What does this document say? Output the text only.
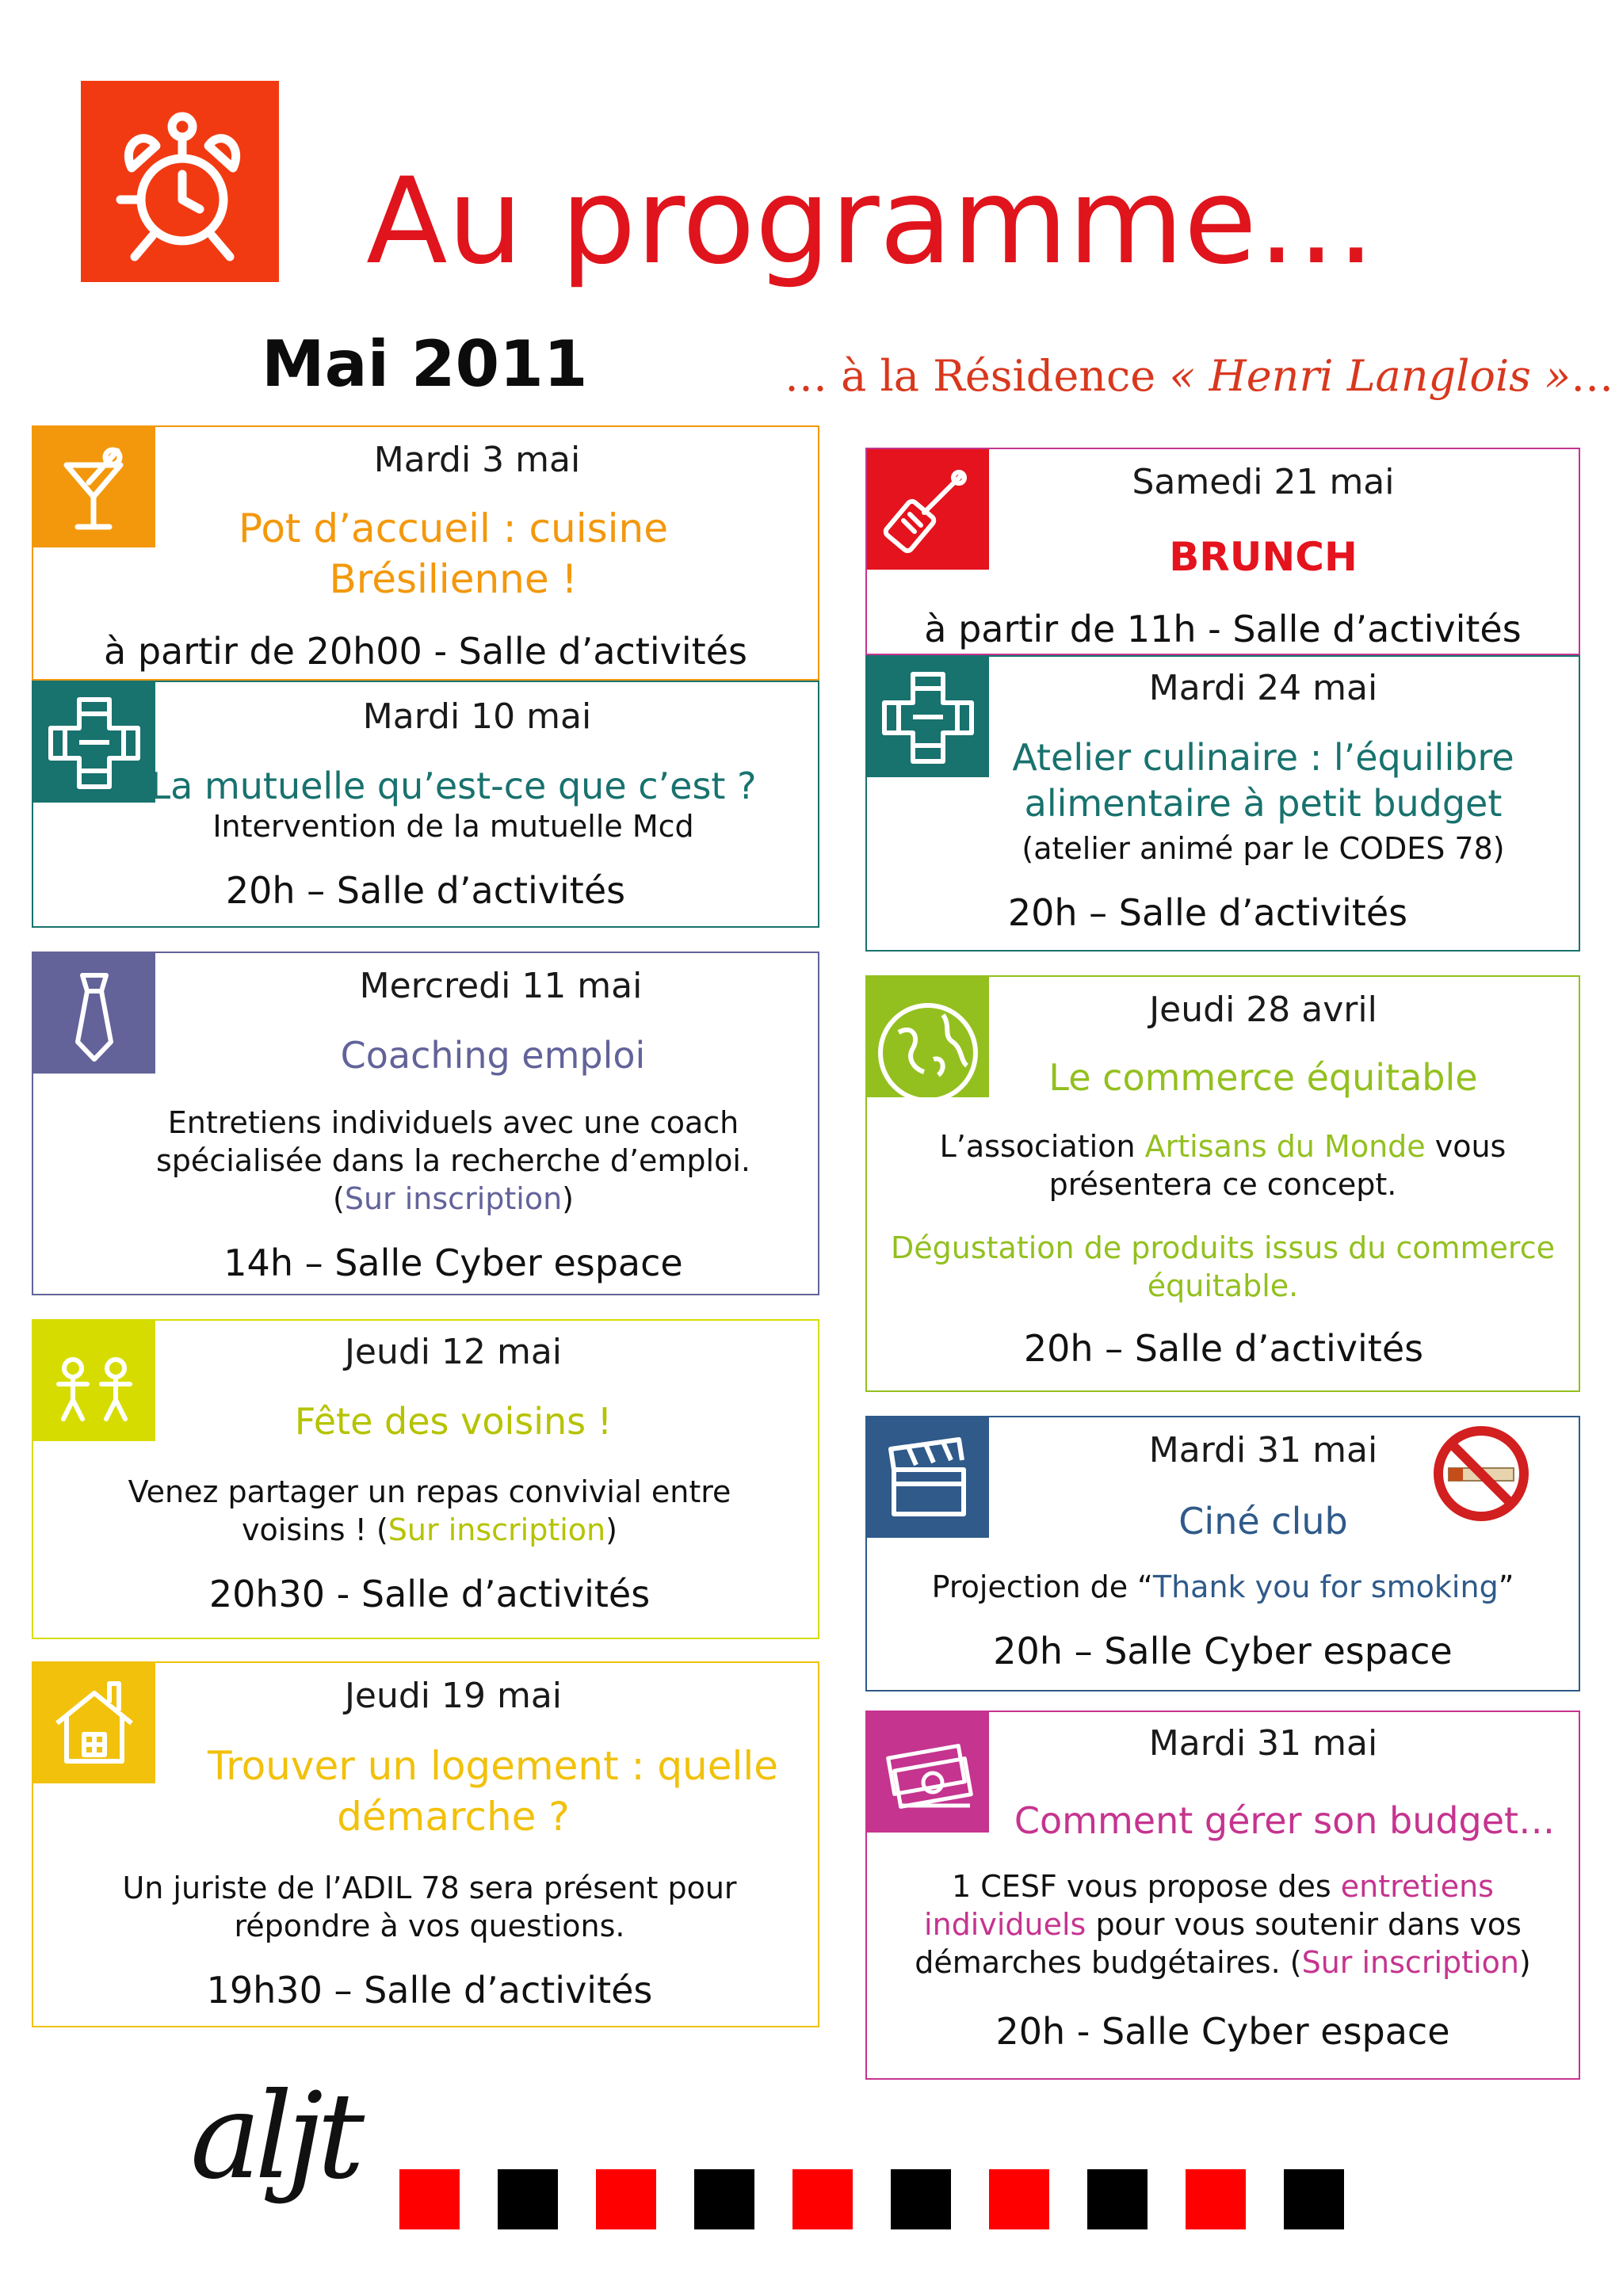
Au programme…
Mai 2011	… à la Résidence « Henri Langlois »…
Mardi 3 mai
Pot d’accueil : cuisine
Brésilienne !
à partir de 20h00 - Salle d’activités
Mardi 10 mai
La mutuelle qu’est-ce que c’est ?
Intervention de la mutuelle Mcd
20h – Salle d’activités
Mercredi 11 mai
Coaching emploi
Entretiens individuels avec une coach
spécialisée dans la recherche d’emploi.
(Sur inscription)
14h – Salle Cyber espace
Jeudi 12 mai
Fête des voisins !
Venez partager un repas convivial entre
voisins ! (Sur inscription)
20h30 - Salle d’activités
Jeudi 19 mai
Trouver un logement : quelle
démarche ?
Un juriste de l’ADIL 78 sera présent pour
répondre à vos questions.
19h30 – Salle d’activités
Samedi 21 mai
BRUNCH
à partir de 11h - Salle d’activités
Mardi 24 mai
Atelier culinaire : l’équilibre
alimentaire à petit budget
(atelier animé par le CODES 78)
20h – Salle d’activités
Jeudi 28 avril
Le commerce équitable
L’association Artisans du Monde vous
présentera ce concept.
Dégustation de produits issus du commerce
équitable.
20h – Salle d’activités
Mardi 31 mai
Ciné club
Projection de “Thank you for smoking”
20h – Salle Cyber espace
Mardi 31 mai
Comment gérer son budget…
1 CESF vous propose des entretiens
individuels pour vous soutenir dans vos
démarches budgétaires. (Sur inscription)
20h - Salle Cyber espace
aljt
